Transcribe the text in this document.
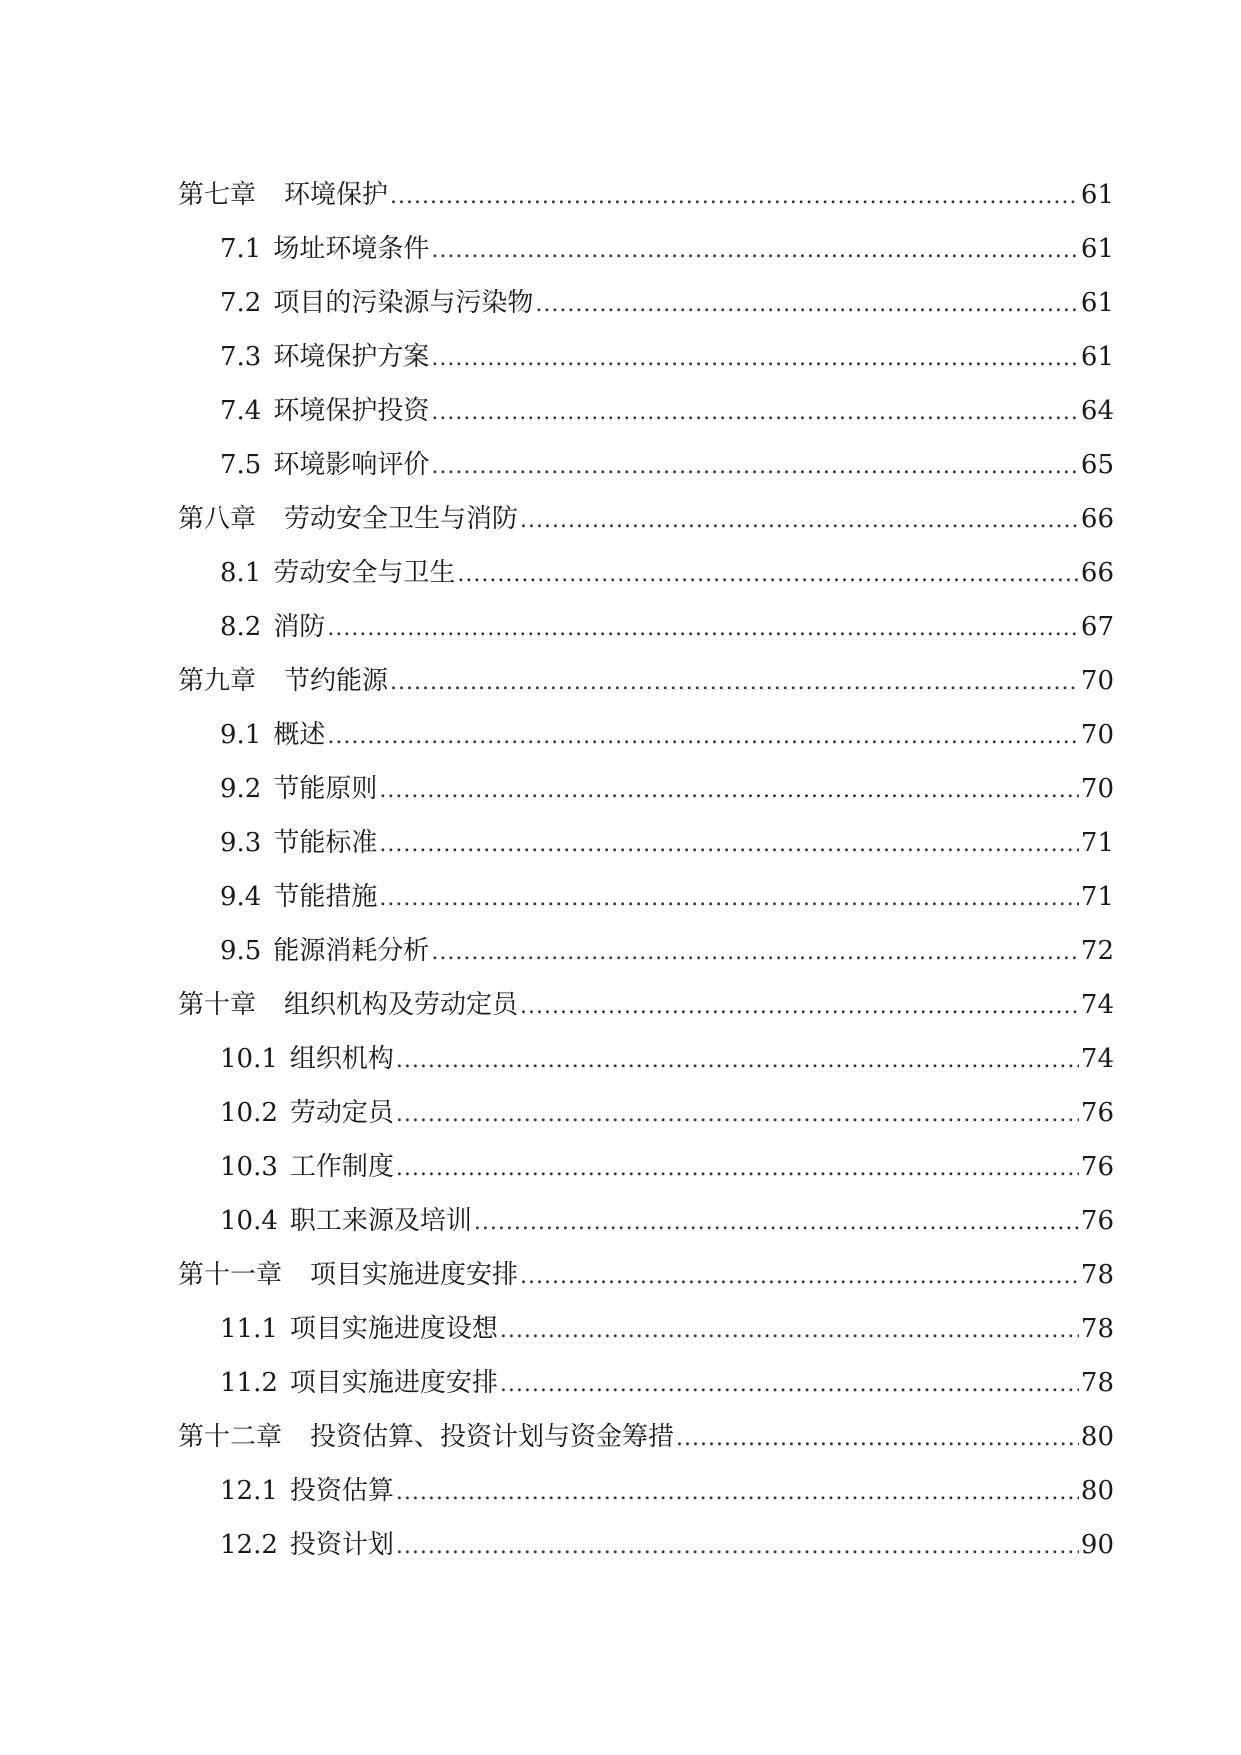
第七章 环境保护 .....	61
7.1 场址环境条件 .....	61
7.2 项目的污染源与污染物 .....	61
7.3 环境保护方案 .....	61
7.4 环境保护投资 .....	64
7.5 环境影响评价 .....	65
第八章 劳动安全卫生与消防 .....	66
8.1 劳动安全与卫生 .....	66
8.2 消防 .....	67
第九章 节约能源 .....	70
9.1 概述 .....	70
9.2 节能原则 .....	70
9.3 节能标准 .....	71
9.4 节能措施 .....	71
9.5 能源消耗分析 .....	72
第十章 组织机构及劳动定员 .....	74
10.1 组织机构 .....	74
10.2 劳动定员 .....	76
10.3 工作制度 .....	76
10.4 职工来源及培训 .....	76
第十一章 项目实施进度安排 .....	78
11.1 项目实施进度设想 .....	78
11.2 项目实施进度安排 .....	78
第十二章 投资估算、投资计划与资金筹措 .....	80
12.1 投资估算 .....	80
12.2 投资计划 .....	90
